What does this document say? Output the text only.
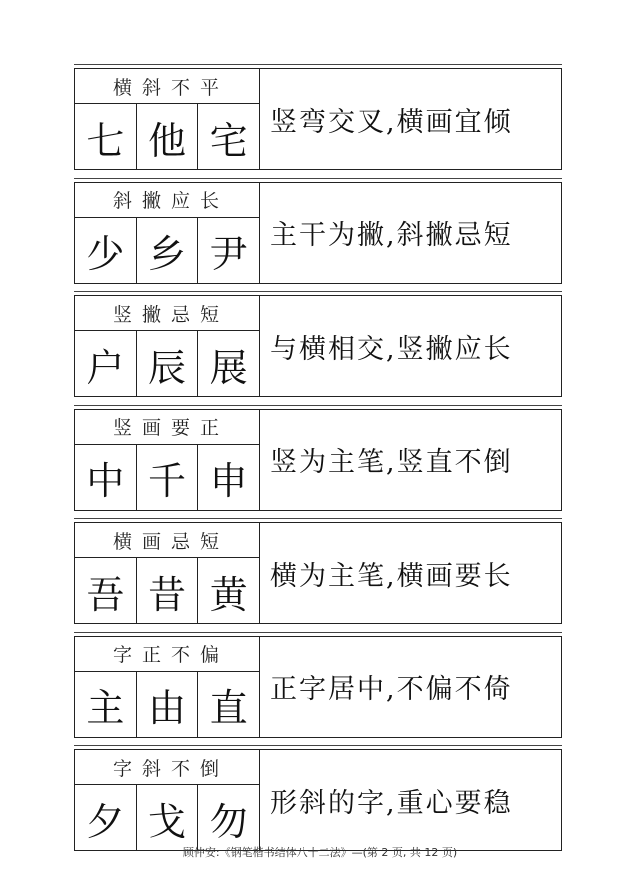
横斜不平
七 他 宅 竖弯交叉,横画宜倾
斜撇应长
少 乡 尹 主干为撇,斜撇忌短
竖撇忌短
户 辰 展 与横相交,竖撇应长
竖画要正
中 千 申 竖为主笔,竖直不倒
横画忌短
吾 昔 黄 横为主笔,横画要长
字正不偏
主 由 直 正字居中,不偏不倚
字斜不倒
夕 戈 勿 形斜的字,重心要稳
顾仲安:《钢笔楷书结体八十二法》—(第 2 页, 共 12 页)
